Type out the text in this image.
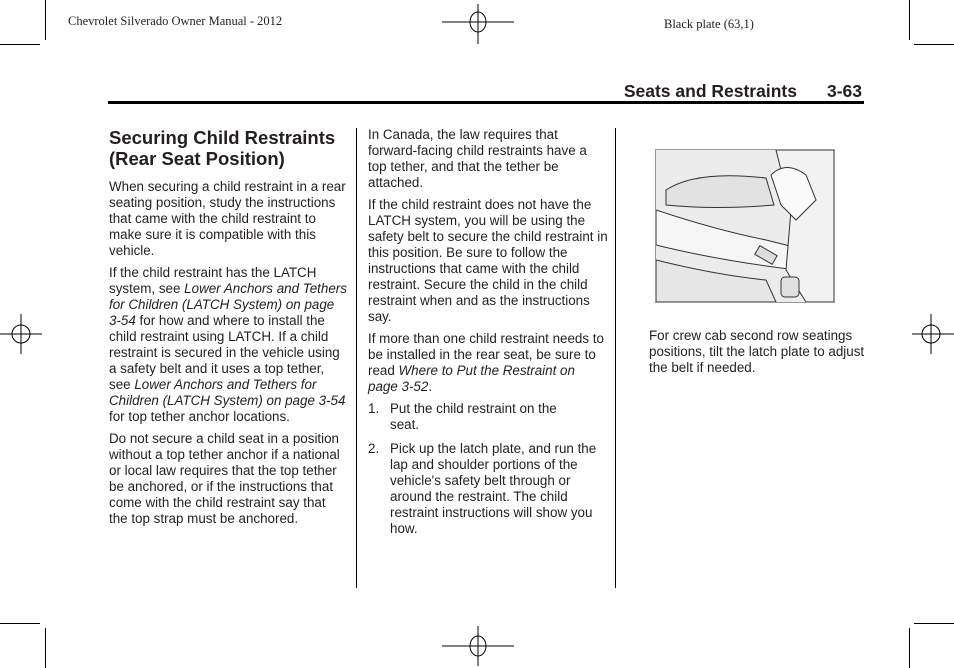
Chevrolet Silverado Owner Manual - 2012	Black plate (63,1)
Seats and Restraints 3-63
Securing Child Restraints (Rear Seat Position)

When securing a child restraint in a rear seating position, study the instructions that came with the child restraint to make sure it is compatible with this vehicle.

If the child restraint has the LATCH system, see Lower Anchors and Tethers for Children (LATCH System) on page 3-54 for how and where to install the child restraint using LATCH. If a child restraint is secured in the vehicle using a safety belt and it uses a top tether, see Lower Anchors and Tethers for Children (LATCH System) on page 3-54 for top tether anchor locations.

Do not secure a child seat in a position without a top tether anchor if a national or local law requires that the top tether be anchored, or if the instructions that come with the child restraint say that the top strap must be anchored.

In Canada, the law requires that forward-facing child restraints have a top tether, and that the tether be attached.

If the child restraint does not have the LATCH system, you will be using the safety belt to secure the child restraint in this position. Be sure to follow the instructions that came with the child restraint. Secure the child in the child restraint when and as the instructions say.

If more than one child restraint needs to be installed in the rear seat, be sure to read Where to Put the Restraint on page 3-52.

1. Put the child restraint on the seat.
2. Pick up the latch plate, and run the lap and shoulder portions of the vehicle's safety belt through or around the restraint. The child restraint instructions will show you how.

For crew cab second row seatings positions, tilt the latch plate to adjust the belt if needed.
